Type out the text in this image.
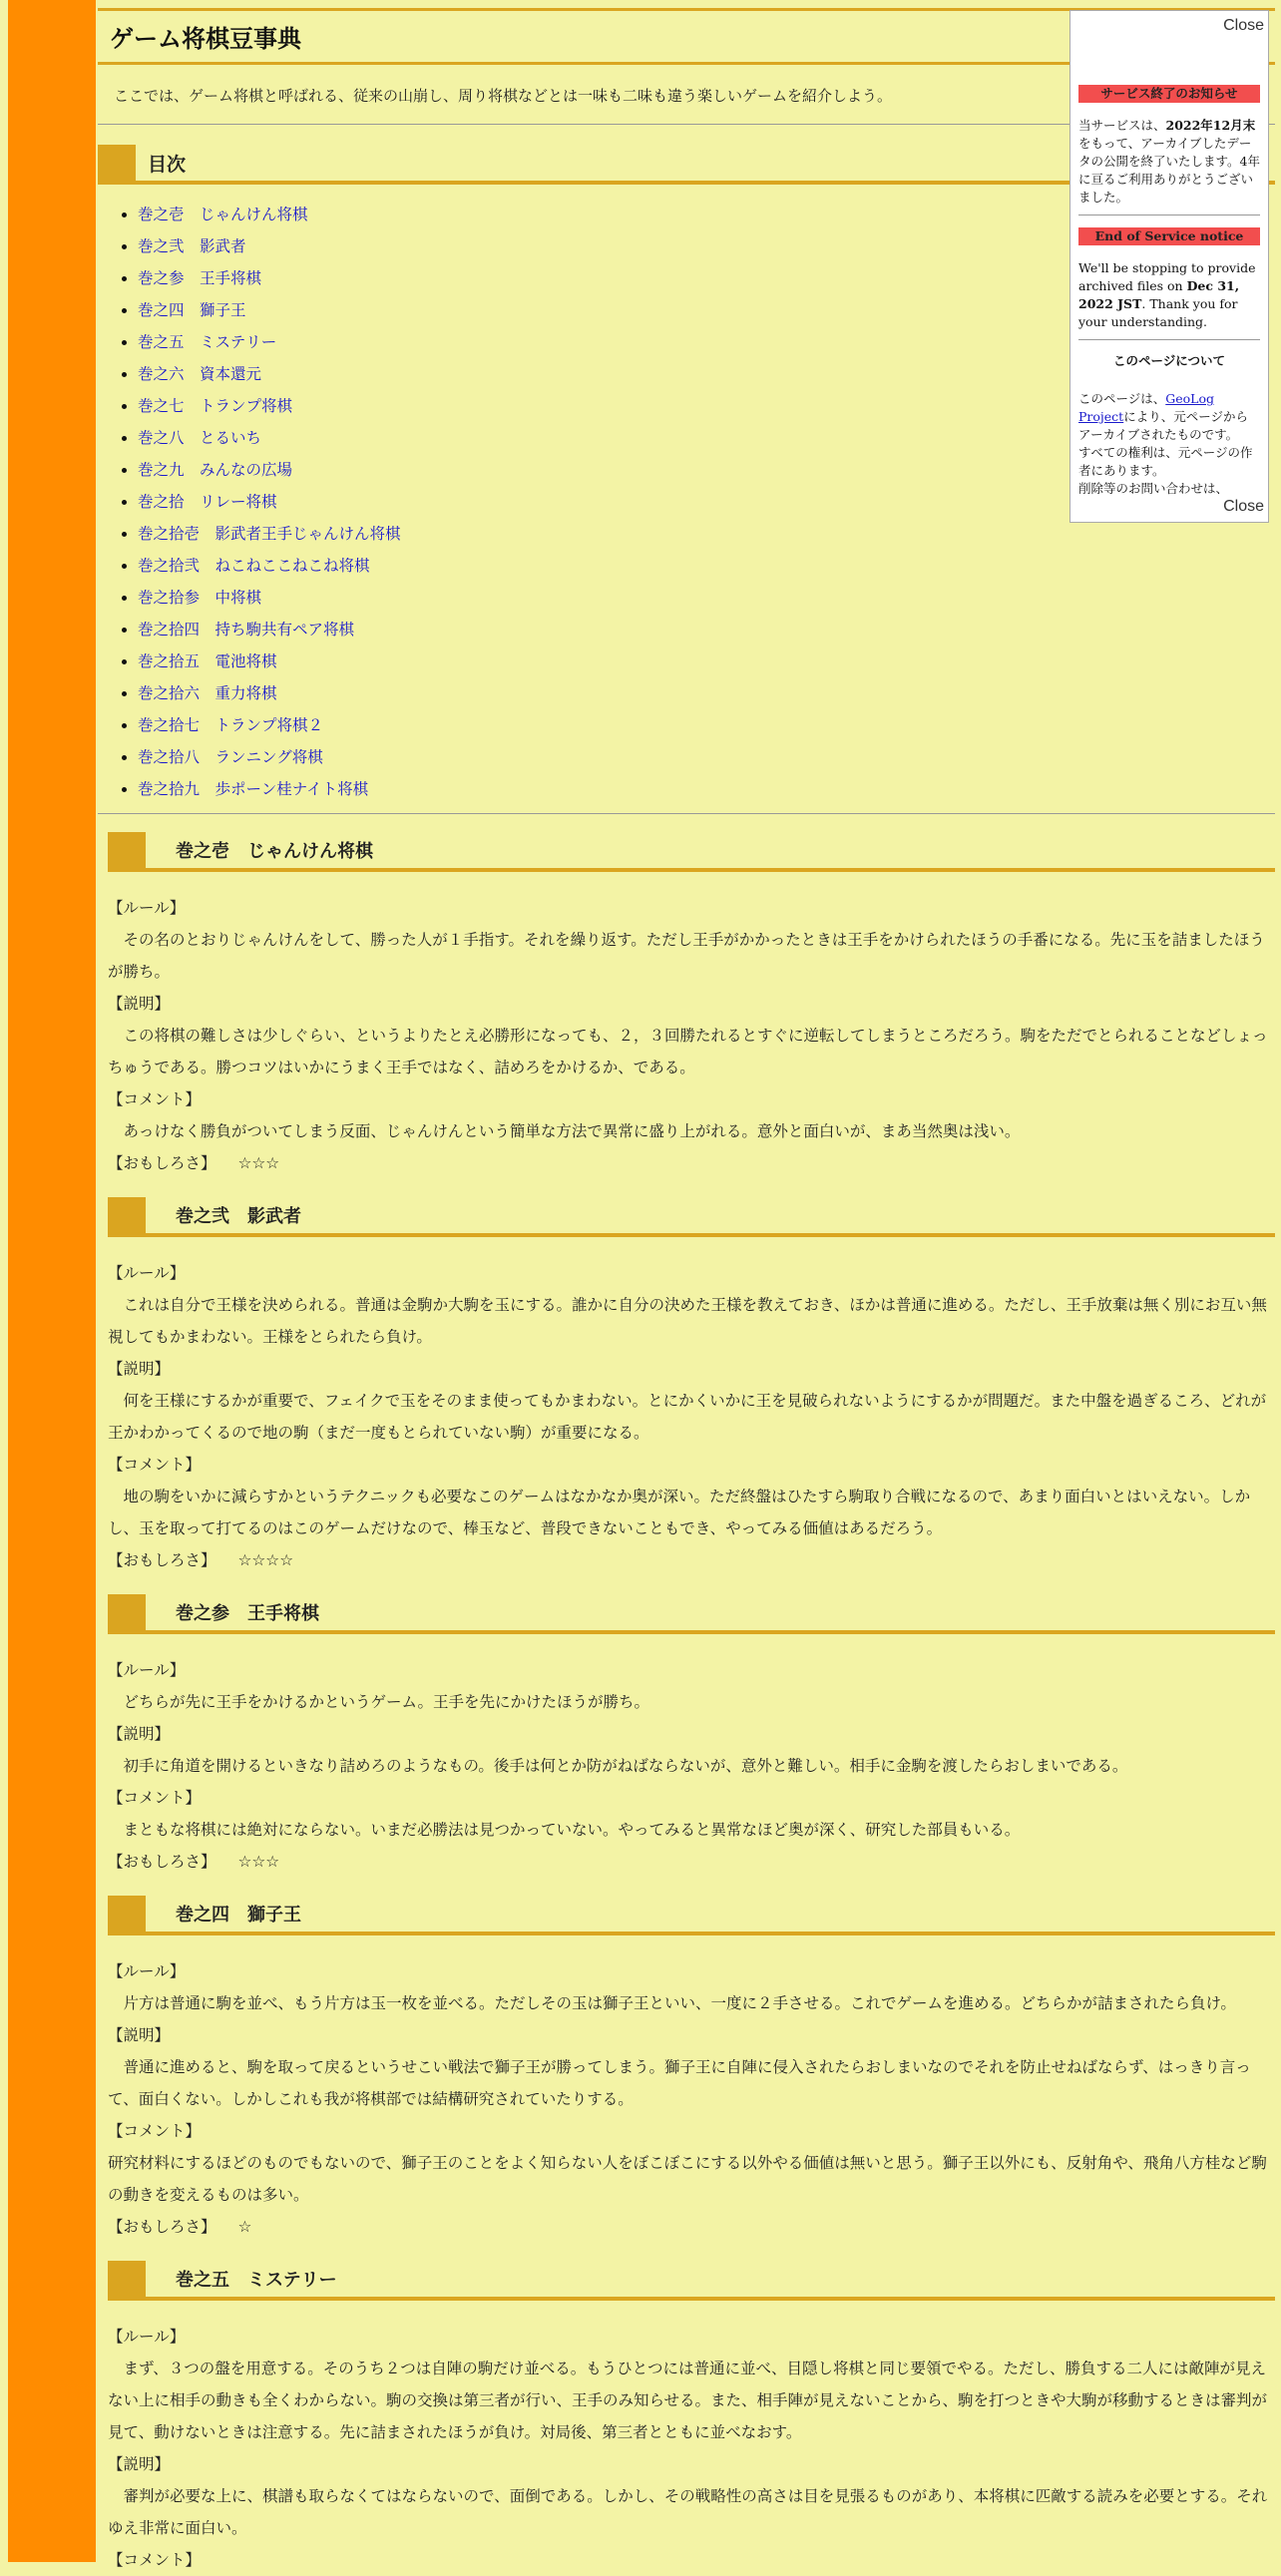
ゲーム将棋豆事典

ここでは、ゲーム将棋と呼ばれる、従来の山崩し、周り将棋などとは一味も二味も違う楽しいゲームを紹介しよう。

目次
• 巻之壱　じゃんけん将棋
• 巻之弐　影武者
• 巻之参　王手将棋
• 巻之四　獅子王
• 巻之五　ミステリー
• 巻之六　資本還元
• 巻之七　トランプ将棋
• 巻之八　とるいち
• 巻之九　みんなの広場
• 巻之拾　リレー将棋
• 巻之拾壱　影武者王手じゃんけん将棋
• 巻之拾弐　ねこねここねこね将棋
• 巻之拾参　中将棋
• 巻之拾四　持ち駒共有ペア将棋
• 巻之拾五　電池将棋
• 巻之拾六　重力将棋
• 巻之拾七　トランプ将棋２
• 巻之拾八　ランニング将棋
• 巻之拾九　歩ポーン桂ナイト将棋
巻之壱　じゃんけん将棋

【ルール】

その名のとおりじゃんけんをして、勝った人が１手指す。それを繰り返す。ただし王手がかかったときは王手をかけられたほうの手番になる。先に玉を詰ましたほうが勝ち。

【説明】

この将棋の難しさは少しぐらい、というよりたとえ必勝形になっても、２，３回勝たれるとすぐに逆転してしまうところだろう。駒をただでとられることなどしょっちゅうである。勝つコツはいかにうまく王手ではなく、詰めろをかけるか、である。

【コメント】

あっけなく勝負がついてしまう反面、じゃんけんという簡単な方法で異常に盛り上がれる。意外と面白いが、まあ当然奥は浅い。

【おもしろさ】 ☆☆☆

巻之弐　影武者

【ルール】

これは自分で王様を決められる。普通は金駒か大駒を玉にする。誰かに自分の決めた王様を教えておき、ほかは普通に進める。ただし、王手放棄は無く別にお互い無視してもかまわない。王様をとられたら負け。

【説明】

何を王様にするかが重要で、フェイクで玉をそのまま使ってもかまわない。とにかくいかに王を見破られないようにするかが問題だ。また中盤を過ぎるころ、どれが王かわかってくるので地の駒（まだ一度もとられていない駒）が重要になる。

【コメント】

地の駒をいかに減らすかというテクニックも必要なこのゲームはなかなか奥が深い。ただ終盤はひたすら駒取り合戦になるので、あまり面白いとはいえない。しかし、玉を取って打てるのはこのゲームだけなので、棒玉など、普段できないこともでき、やってみる価値はあるだろう。

【おもしろさ】 ☆☆☆☆

巻之参　王手将棋

【ルール】

どちらが先に王手をかけるかというゲーム。王手を先にかけたほうが勝ち。

【説明】

初手に角道を開けるといきなり詰めろのようなもの。後手は何とか防がねばならないが、意外と難しい。相手に金駒を渡したらおしまいである。

【コメント】

まともな将棋には絶対にならない。いまだ必勝法は見つかっていない。やってみると異常なほど奥が深く、研究した部員もいる。

【おもしろさ】 ☆☆☆

巻之四　獅子王

【ルール】

片方は普通に駒を並べ、もう片方は玉一枚を並べる。ただしその玉は獅子王といい、一度に２手させる。これでゲームを進める。どちらかが詰まされたら負け。

【説明】

普通に進めると、駒を取って戻るというせこい戦法で獅子王が勝ってしまう。獅子王に自陣に侵入されたらおしまいなのでそれを防止せねばならず、はっきり言って、面白くない。しかしこれも我が将棋部では結構研究されていたりする。

【コメント】

研究材料にするほどのものでもないので、獅子王のことをよく知らない人をぼこぼこにする以外やる価値は無いと思う。獅子王以外にも、反射角や、飛角八方桂など駒の動きを変えるものは多い。

【おもしろさ】 ☆

巻之五　ミステリー

【ルール】

まず、３つの盤を用意する。そのうち２つは自陣の駒だけ並べる。もうひとつには普通に並べ、目隠し将棋と同じ要領でやる。ただし、勝負する二人には敵陣が見えない上に相手の動きも全くわからない。駒の交換は第三者が行い、王手のみ知らせる。また、相手陣が見えないことから、駒を打つときや大駒が移動するときは審判が見て、動けないときは注意する。先に詰まされたほうが負け。対局後、第三者とともに並べなおす。

【説明】

審判が必要な上に、棋譜も取らなくてはならないので、面倒である。しかし、その戦略性の高さは目を見張るものがあり、本将棋に匹敵する読みを必要とする。それゆえ非常に面白い。

【コメント】

Close
サービス終了のお知らせ

当サービスは、2022年12月末をもって、アーカイブしたデータの公開を終了いたします。4年に亘るご利用ありがとうございました。

End of Service notice

We'll be stopping to provide archived files on Dec 31, 2022 JST. Thank you for your understanding.

このページについて

このページは、GeoLog Projectにより、元ページからアーカイブされたものです。

すべての権利は、元ページの作者にあります。

削除等のお問い合わせは、

Close
